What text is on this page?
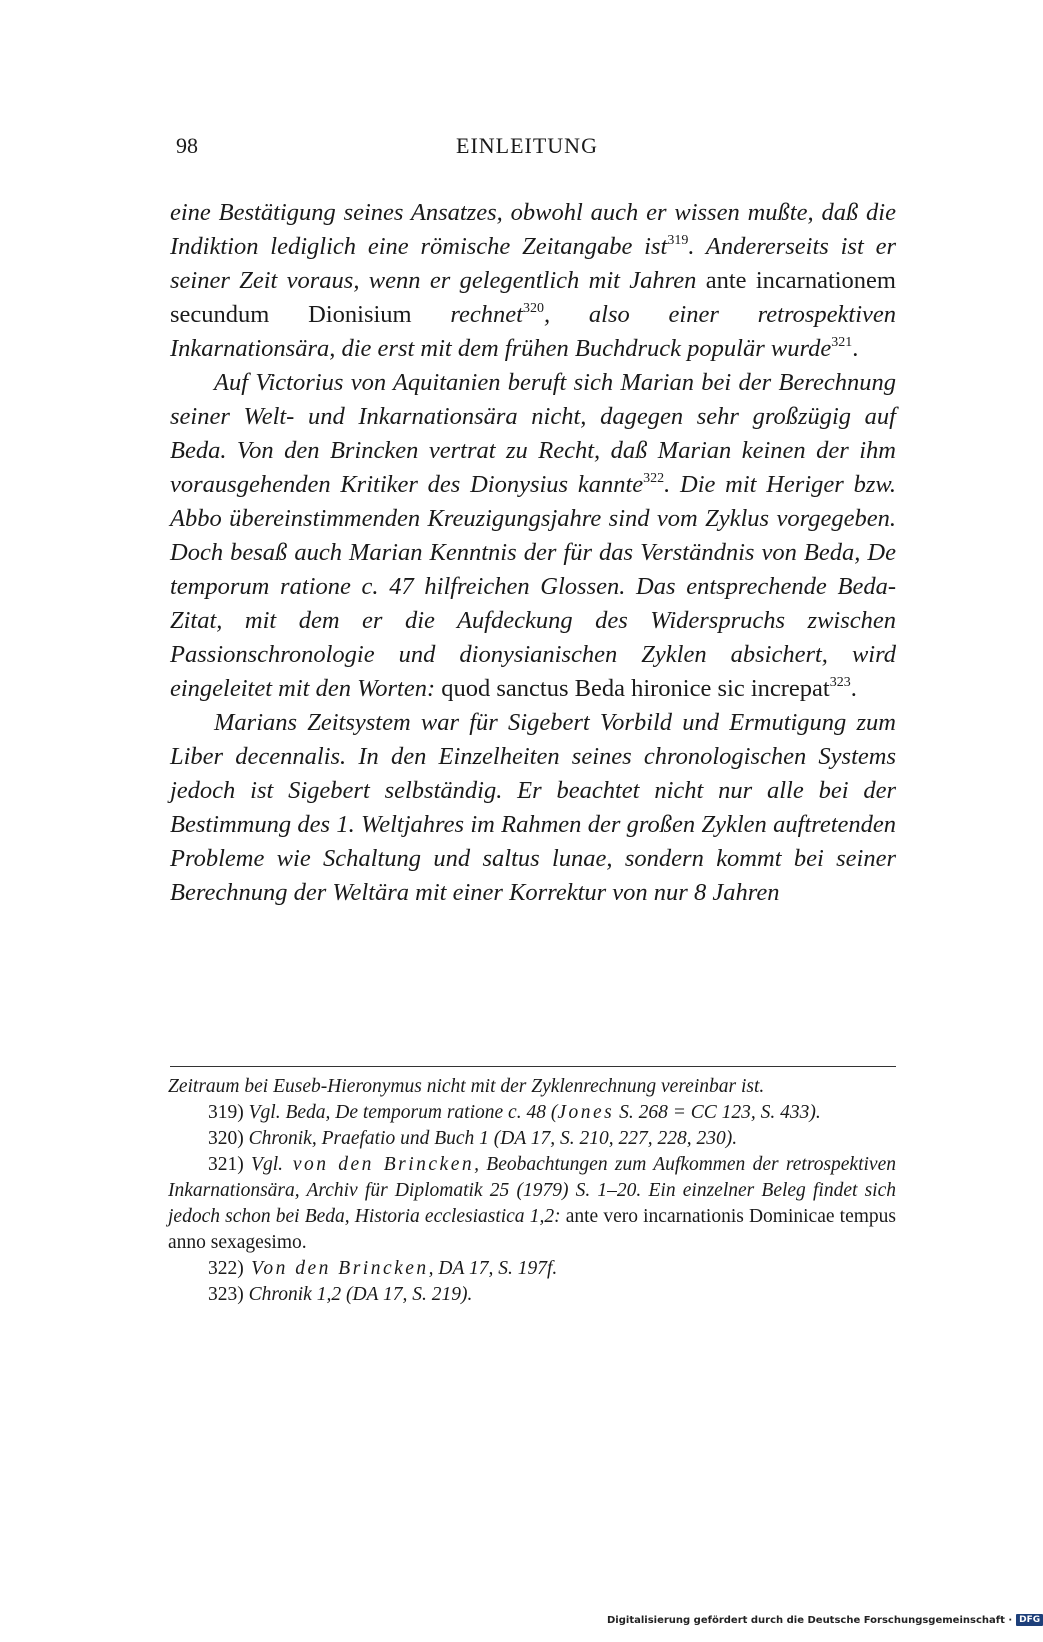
98	EINLEITUNG

eine Bestätigung seines Ansatzes, obwohl auch er wissen mußte, daß die Indiktion lediglich eine römische Zeitangabe ist$^{319}$. Andererseits ist er seiner Zeit voraus, wenn er gelegentlich mit Jahren ante incarnationem secundum Dionisium rechnet$^{320}$, also einer retrospektiven Inkarnationsära, die erst mit dem frühen Buchdruck populär wurde$^{321}$.

Auf Victorius von Aquitanien beruft sich Marian bei der Berechnung seiner Welt- und Inkarnationsära nicht, dagegen sehr großzügig auf Beda. Von den Brincken vertrat zu Recht, daß Marian keinen der ihm vorausgehenden Kritiker des Dionysius kannte$^{322}$. Die mit Heriger bzw. Abbo übereinstimmenden Kreuzigungsjahre sind vom Zyklus vorgegeben. Doch besaß auch Marian Kenntnis der für das Verständnis von Beda, De temporum ratione c. 47 hilfreichen Glossen. Das entsprechende Beda-Zitat, mit dem er die Aufdeckung des Widerspruchs zwischen Passionschronologie und dionysianischen Zyklen absichert, wird eingeleitet mit den Worten: quod sanctus Beda hironice sic increpat$^{323}$.

Marians Zeitsystem war für Sigebert Vorbild und Ermutigung zum Liber decennalis. In den Einzelheiten seines chronologischen Systems jedoch ist Sigebert selbständig. Er beachtet nicht nur alle bei der Bestimmung des 1. Weltjahres im Rahmen der großen Zyklen auftretenden Probleme wie Schaltung und saltus lunae, sondern kommt bei seiner Berechnung der Weltära mit einer Korrektur von nur 8 Jahren

Zeitraum bei Euseb-Hieronymus nicht mit der Zyklenrechnung vereinbar ist.

319) Vgl. Beda, De temporum ratione c. 48 (Jones S. 268 = CC 123, S. 433).

320) Chronik, Praefatio und Buch 1 (DA 17, S. 210, 227, 228, 230).

321) Vgl. von den Brincken, Beobachtungen zum Aufkommen der retrospektiven Inkarnationsära, Archiv für Diplomatik 25 (1979) S. 1–20. Ein einzelner Beleg findet sich jedoch schon bei Beda, Historia ecclesiastica 1,2: ante vero incarnationis Dominicae tempus anno sexagesimo.

322) Von den Brincken, DA 17, S. 197f.

323) Chronik 1,2 (DA 17, S. 219).

Digitalisierung gefördert durch die Deutsche Forschungsgemeinschaft · DFG
